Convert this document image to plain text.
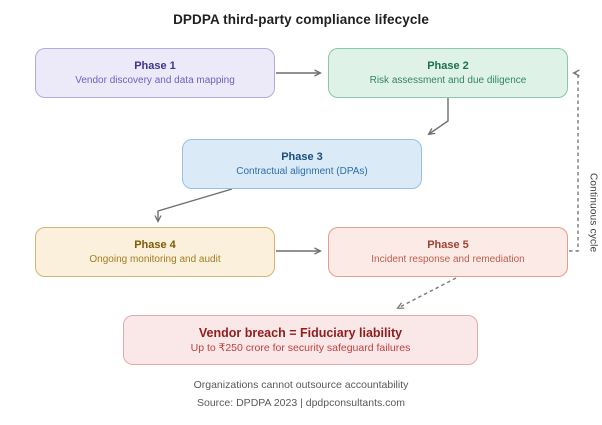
DPDPA third-party compliance lifecycle
Phase 1
Vendor discovery and data mapping
Phase 2
Risk assessment and due diligence
Phase 3
Contractual alignment (DPAs)
Phase 4
Ongoing monitoring and audit
Phase 5
Incident response and remediation
Vendor breach = Fiduciary liability
Up to ₹250 crore for security safeguard failures
Continuous cycle
Organizations cannot outsource accountability
Source: DPDPA 2023 | dpdpconsultants.com
